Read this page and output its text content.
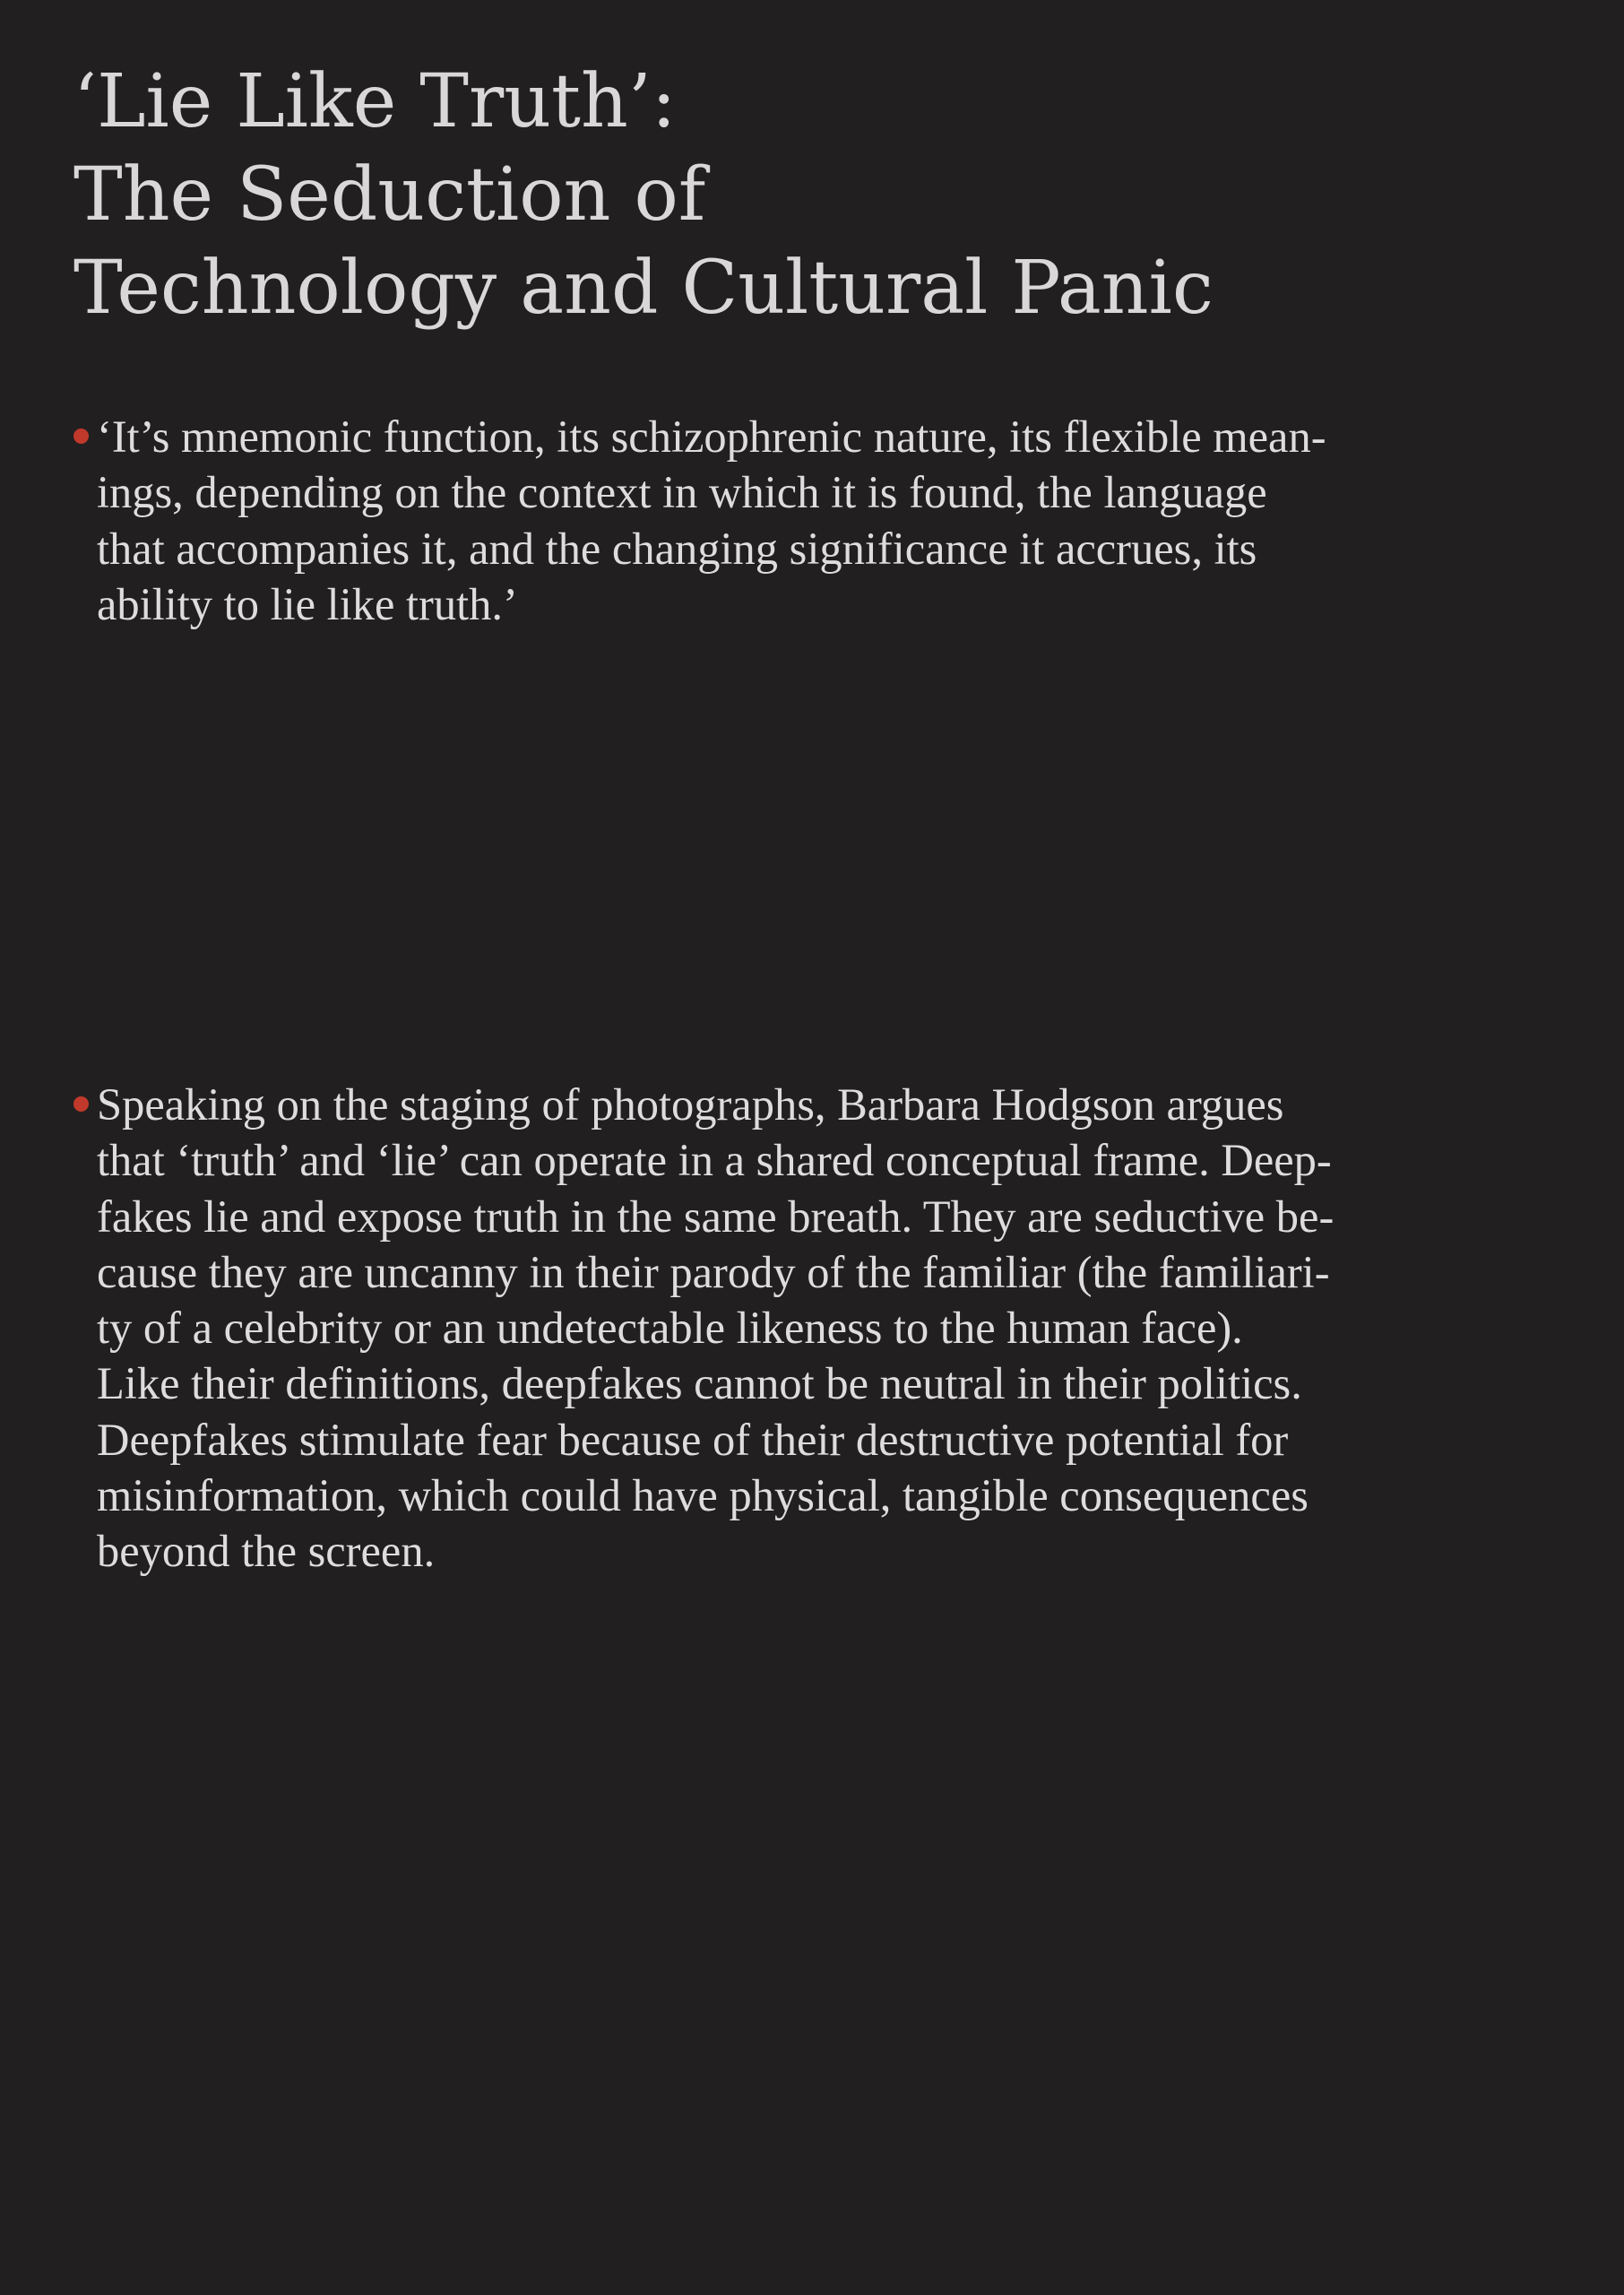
‘Lie Like Truth’:
The Seduction of
Technology and Cultural Panic
‘It’s mnemonic function, its schizophrenic nature, its flexible mean-
ings, depending on the context in which it is found, the language
that accompanies it, and the changing significance it accrues, its
ability to lie like truth.’
Speaking on the staging of photographs, Barbara Hodgson argues
that ‘truth’ and ‘lie’ can operate in a shared conceptual frame. Deep-
fakes lie and expose truth in the same breath. They are seductive be-
cause they are uncanny in their parody of the familiar (the familiari-
ty of a celebrity or an undetectable likeness to the human face).
Like their definitions, deepfakes cannot be neutral in their politics.
Deepfakes stimulate fear because of their destructive potential for
misinformation, which could have physical, tangible consequences
beyond the screen.
